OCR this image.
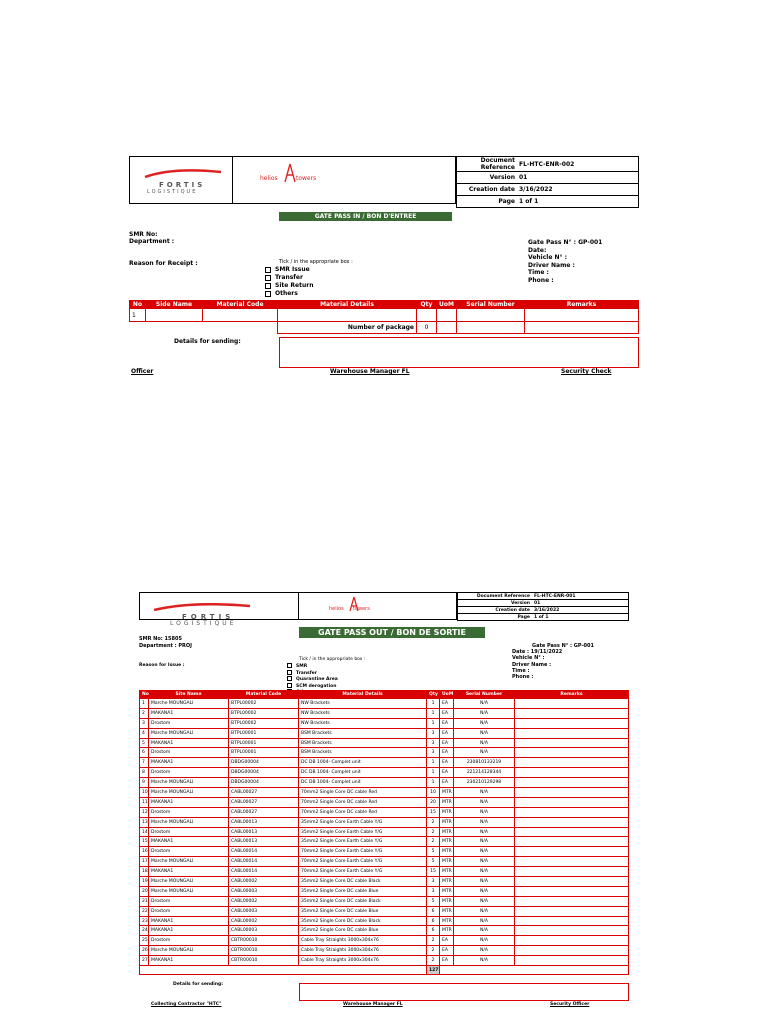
FORTIS
LOGISTIQUE
helios	towers
Document Reference	FL-HTC-ENR-002
Version	01
Creation date	3/16/2022
Page	1 of 1
GATE PASS IN / BON D'ENTREE
SMR No:
Department :	Gate Pass N° : GP-001
Date:
Vehicle N° :
Driver Name :
Time :
Phone :
Reason for Receipt :	Tick / in the appropriate box :
SMR Issue
Transfer
Site Return
Others
No	Side Name	Material Code	Material Details	Qty	UoM	Serial Number	Remarks
1							
			Number of package	0			
Details for sending:
Officer	Warehouse Manager FL	Security Check
FORTIS
LOGISTIQUE
helios towers
Document Reference	FL-HTC-ENR-001
Version	01
Creation date	3/16/2022
Page	1 of 1
GATE PASS OUT / BON DE SORTIE
SMR No: 15805
Department : PROJ	Gate Pass N° : GP-001
Date : 19/11/2022
Vehicle N° :
Driver Name :
Time :
Phone :
Reason for Issue :
Tick / in the appropriate box :
SMR
Transfer
Quarantine Area
SCM derogation
No	Site Name	Material Code	Material Details	Qty	UoM	Serial Number	Remarks
1	Marche MOUNGALI	BTPL00002	NW Brackets	1	EA	N/A	
2	MAKANA1	BTPL00002	NW Brackets	1	EA	N/A	
3	Drostom	BTPL00002	NW Brackets	1	EA	N/A	
4	Marche MOUNGALI	BTPL00001	BSM Brackets	3	EA	N/A	
5	MAKANA1	BTPL00001	BSM Brackets	3	EA	N/A	
6	Drostom	BTPL00001	BSM Brackets	3	EA	N/A	
7	MAKANA1	DBDG00004	DC DB 1004- Complet unit	1	EA	230810133219	
8	Drostom	DBDG00004	DC DB 1004- Complet unit	1	EA	221214128344	
9	Marche MOUNGALI	DBDG00004	DC DB 1004- Complet unit	1	EA	230210129298	
10	Marche MOUNGALI	CABL00027	70mm2 Single Core DC cable Red	10	MTR	N/A	
11	MAKANA1	CABL00027	70mm2 Single Core DC cable Red	20	MTR	N/A	
12	Drostom	CABL00027	70mm2 Single Core DC cable Red	15	MTR	N/A	
13	Marche MOUNGALI	CABL00013	35mm2 Single Core Earth Cable Y/G	2	MTR	N/A	
14	Drostom	CABL00013	35mm2 Single Core Earth Cable Y/G	2	MTR	N/A	
15	MAKANA1	CABL00013	35mm2 Single Core Earth Cable Y/G	2	MTR	N/A	
16	Drostom	CABL00014	70mm2 Single Core Earth Cable Y/G	5	MTR	N/A	
17	Marche MOUNGALI	CABL00014	70mm2 Single Core Earth Cable Y/G	5	MTR	N/A	
18	MAKANA1	CABL00014	70mm2 Single Core Earth Cable Y/G	15	MTR	N/A	
19	Marche MOUNGALI	CABL00002	35mm2 Single Core DC cable Black	3	MTR	N/A	
20	Marche MOUNGALI	CABL00003	35mm2 Single Core DC cable Blue	3	MTR	N/A	
21	Drostom	CABL00002	35mm2 Single Core DC cable Black	5	MTR	N/A	
22	Drostom	CABL00003	35mm2 Single Core DC cable Blue	6	MTR	N/A	
23	MAKANA1	CABL00002	35mm2 Single Core DC cable Black	6	MTR	N/A	
24	MAKANA1	CABL00003	35mm2 Single Core DC cable Blue	6	MTR	N/A	
25	Drostom	CBTR00010	Cable Tray Straights 3000x304x76	2	EA	N/A	
26	Marche MOUNGALI	CBTR00010	Cable Tray Straights 3000x304x76	2	EA	N/A	
27	MAKANA1	CBTR00010	Cable Tray Straights 3000x304x76	2	EA	N/A	
				127			
Details for sending:
Collecting Contractor "HTC"	Warehouse Manager FL	Security Officer
